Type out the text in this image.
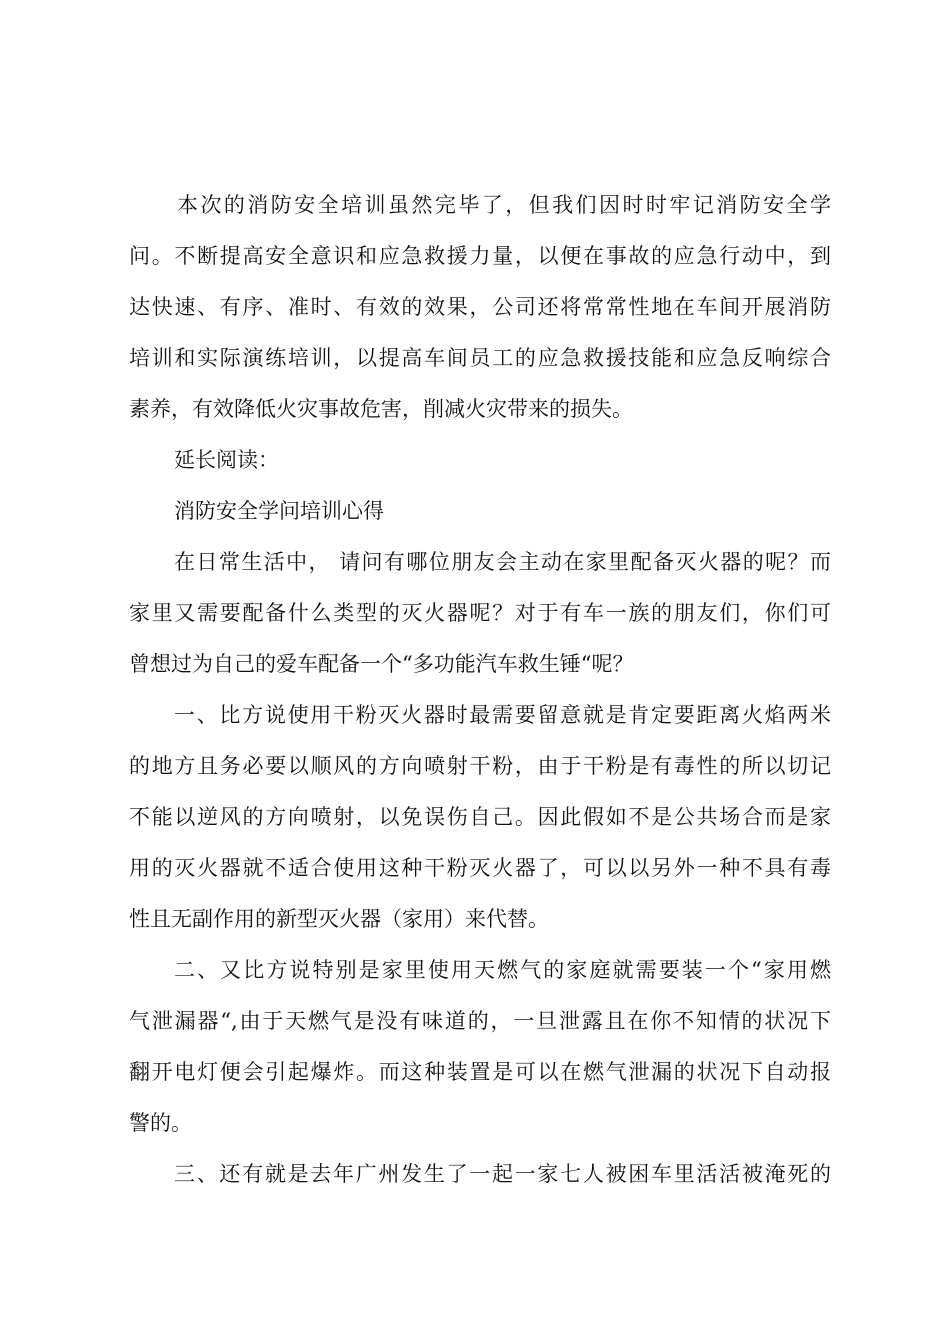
本次的消防安全培训虽然完毕了，但我们因时时牢记消防安全学
问。不断提高安全意识和应急救援力量，以便在事故的应急行动中，到
达快速、有序、准时、有效的效果，公司还将常常性地在车间开展消防
培训和实际演练培训，以提高车间员工的应急救援技能和应急反响综合
素养，有效降低火灾事故危害，削减火灾带来的损失。
延长阅读：
消防安全学问培训心得
在日常生活中， 请问有哪位朋友会主动在家里配备灭火器的呢？而
家里又需要配备什么类型的灭火器呢？对于有车一族的朋友们，你们可
曾想过为自己的爱车配备一个“多功能汽车救生锤“呢？
一、比方说使用干粉灭火器时最需要留意就是肯定要距离火焰两米
的地方且务必要以顺风的方向喷射干粉，由于干粉是有毒性的所以切记
不能以逆风的方向喷射，以免误伤自己。因此假如不是公共场合而是家
用的灭火器就不适合使用这种干粉灭火器了，可以以另外一种不具有毒
性且无副作用的新型灭火器（家用）来代替。
二、又比方说特别是家里使用天燃气的家庭就需要装一个“家用燃
气泄漏器“,由于天燃气是没有味道的，一旦泄露且在你不知情的状况下
翻开电灯便会引起爆炸。而这种装置是可以在燃气泄漏的状况下自动报
警的。
三、还有就是去年广州发生了一起一家七人被困车里活活被淹死的
